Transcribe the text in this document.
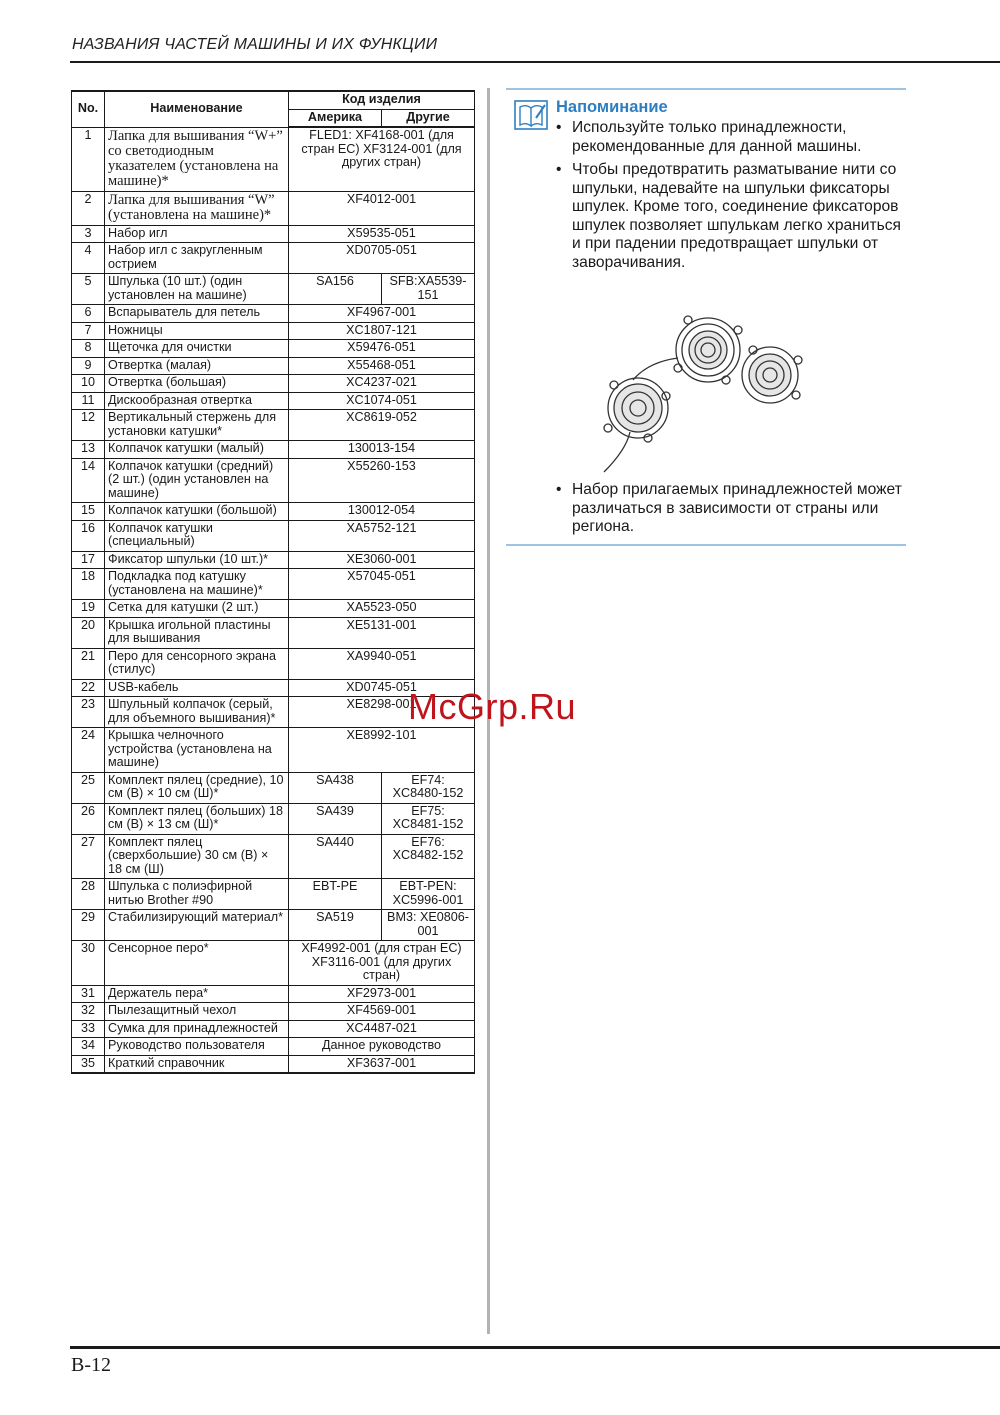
НАЗВАНИЯ ЧАСТЕЙ МАШИНЫ И ИХ ФУНКЦИИ
No.	Наименование	Код изделия	
		Америка	Другие
1	Лапка для вышивания “W+” со светодиодным указателем (установлена на машине)*	FLED1: XF4168-001 (для стран ЕС) XF3124-001 (для других стран)	
2	Лапка для вышивания “W” (установлена на машине)*	XF4012-001	
3	Набор игл	X59535-051	
4	Набор игл с закругленным острием	XD0705-051	
5	Шпулька (10 шт.) (один установлен на машине)	SA156	SFB:XA5539-151
6	Вспарыватель для петель	XF4967-001	
7	Ножницы	XC1807-121	
8	Щеточка для очистки	X59476-051	
9	Отвертка (малая)	X55468-051	
10	Отвертка (большая)	XC4237-021	
11	Дискообразная отвертка	XC1074-051	
12	Вертикальный стержень для установки катушки*	XC8619-052	
13	Колпачок катушки (малый)	130013-154	
14	Колпачок катушки (средний) (2 шт.) (один установлен на машине)	X55260-153	
15	Колпачок катушки (большой)	130012-054	
16	Колпачок катушки (специальный)	XA5752-121	
17	Фиксатор шпульки (10 шт.)*	XE3060-001	
18	Подкладка под катушку (установлена на машине)*	X57045-051	
19	Сетка для катушки (2 шт.)	XA5523-050	
20	Крышка игольной пластины для вышивания	XE5131-001	
21	Перо для сенсорного экрана (стилус)	XA9940-051	
22	USB-кабель	XD0745-051	
23	Шпульный колпачок (серый, для объемного вышивания)*	XE8298-001	
24	Крышка челночного устройства (установлена на машине)	XE8992-101	
25	Комплект пялец (средние), 10 см (В) × 10 см (Ш)*	SA438	EF74: XC8480-152
26	Комплект пялец (больших) 18 см (В) × 13 см (Ш)*	SA439	EF75: XC8481-152
27	Комплект пялец (сверхбольшие) 30 см (В) × 18 см (Ш)	SA440	EF76: XC8482-152
28	Шпулька с полиэфирной нитью Brother #90	EBT-PE	EBT-PEN: XC5996-001
29	Стабилизирующий материал*	SA519	BM3: XE0806-001
30	Сенсорное перо*	XF4992-001 (для стран ЕС) XF3116-001 (для других стран)	
31	Держатель пера*	XF2973-001	
32	Пылезащитный чехол	XF4569-001	
33	Сумка для принадлежностей	XC4487-021	
34	Руководство пользователя	Данное руководство	
35	Краткий справочник	XF3637-001	
Напоминание
• Используйте только принадлежности, рекомендованные для данной машины.
• Чтобы предотвратить разматывание нити со шпульки, надевайте на шпульки фиксаторы шпулек. Кроме того, соединение фиксаторов шпулек позволяет шпулькам легко храниться и при падении предотвращает шпульки от заворачивания.
• Набор прилагаемых принадлежностей может различаться в зависимости от страны или региона.
McGrp.Ru
B-12
